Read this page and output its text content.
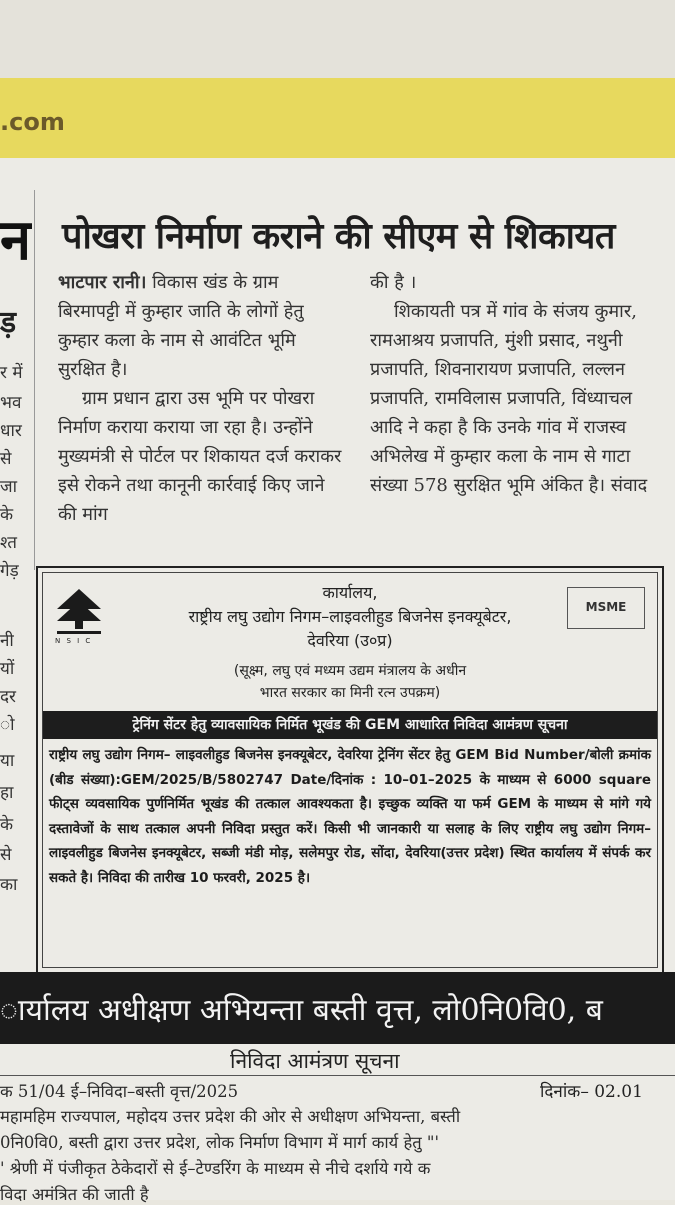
.com
न
ड़
र में
भव
धार
से
जा
के
श्त
गेड़
नी
यों
दर
ो
या
हा
के
से
का
पोखरा निर्माण कराने की सीएम से शिकायत

भाटपार रानी। विकास खंड के ग्राम बिरमापट्टी में कुम्हार जाति के लोगों हेतु कुम्हार कला के नाम से आवंटित भूमि सुरक्षित है।

ग्राम प्रधान द्वारा उस भूमि पर पोखरा निर्माण कराया कराया जा रहा है। उन्होंने मुख्यमंत्री से पोर्टल पर शिकायत दर्ज कराकर इसे रोकने तथा कानूनी कार्रवाई किए जाने की मांग

की है ।

शिकायती पत्र में गांव के संजय कुमार, रामआश्रय प्रजापति, मुंशी प्रसाद, नथुनी प्रजापति, शिवनारायण प्रजापति, लल्लन प्रजापति, रामविलास प्रजापति, विंध्याचल आदि ने कहा है कि उनके गांव में राजस्व अभिलेख में कुम्हार कला के नाम से गाटा संख्या 578 सुरक्षित भूमि अंकित है। संवाद

N S I C
MSME
कार्यालय,
राष्ट्रीय लघु उद्योग निगम–लाइवलीहुड बिजनेस इनक्यूबेटर,
देवरिया (उ०प्र)
(सूक्ष्म, लघु एवं मध्यम उद्यम मंत्रालय के अधीन
भारत सरकार का मिनी रत्न उपक्रम)
ट्रेनिंग सेंटर हेतु व्यावसायिक निर्मित भूखंड की GEM आधारित निविदा आमंत्रण सूचना

राष्ट्रीय लघु उद्योग निगम– लाइवलीहुड बिजनेस इनक्यूबेटर, देवरिया ट्रेनिंग सेंटर हेतु GEM Bid Number/बोली क्रमांक (बीड संख्या):GEM/2025/B/5802747 Date/दिनांक : 10–01–2025 के माध्यम से 6000 square फीट्स व्यवसायिक पुर्णनिर्मित भूखंड की तत्काल आवश्यकता है। इच्छुक व्यक्ति या फर्म GEM के माध्यम से मांगे गये दस्तावेजों के साथ तत्काल अपनी निविदा प्रस्तुत करें। किसी भी जानकारी या सलाह के लिए राष्ट्रीय लघु उद्योग निगम– लाइवलीहुड बिजनेस इनक्यूबेटर, सब्जी मंडी मोड़, सलेमपुर रोड, सोंदा, देवरिया(उत्तर प्रदेश) स्थित कार्यालय में संपर्क कर सकते है। निविदा की तारीख 10 फरवरी, 2025 है।

ार्यालय अधीक्षण अभियन्ता बस्ती वृत्त, लो0नि0वि0, ब
निविदा आमंत्रण सूचना
क 51/04 ई–निविदा–बस्ती वृत्त/2025	दिनांक– 02.01
महामहिम राज्यपाल, महोदय उत्तर प्रदेश की ओर से अधीक्षण अभियन्ता, बस्ती
0नि0वि0, बस्ती द्वारा उत्तर प्रदेश, लोक निर्माण विभाग में मार्ग कार्य हेतु "'
' श्रेणी में पंजीकृत ठेकेदारों से ई–टेण्डरिंग के माध्यम से नीचे दर्शाये गये क
विदा अमंत्रित की जाती है
